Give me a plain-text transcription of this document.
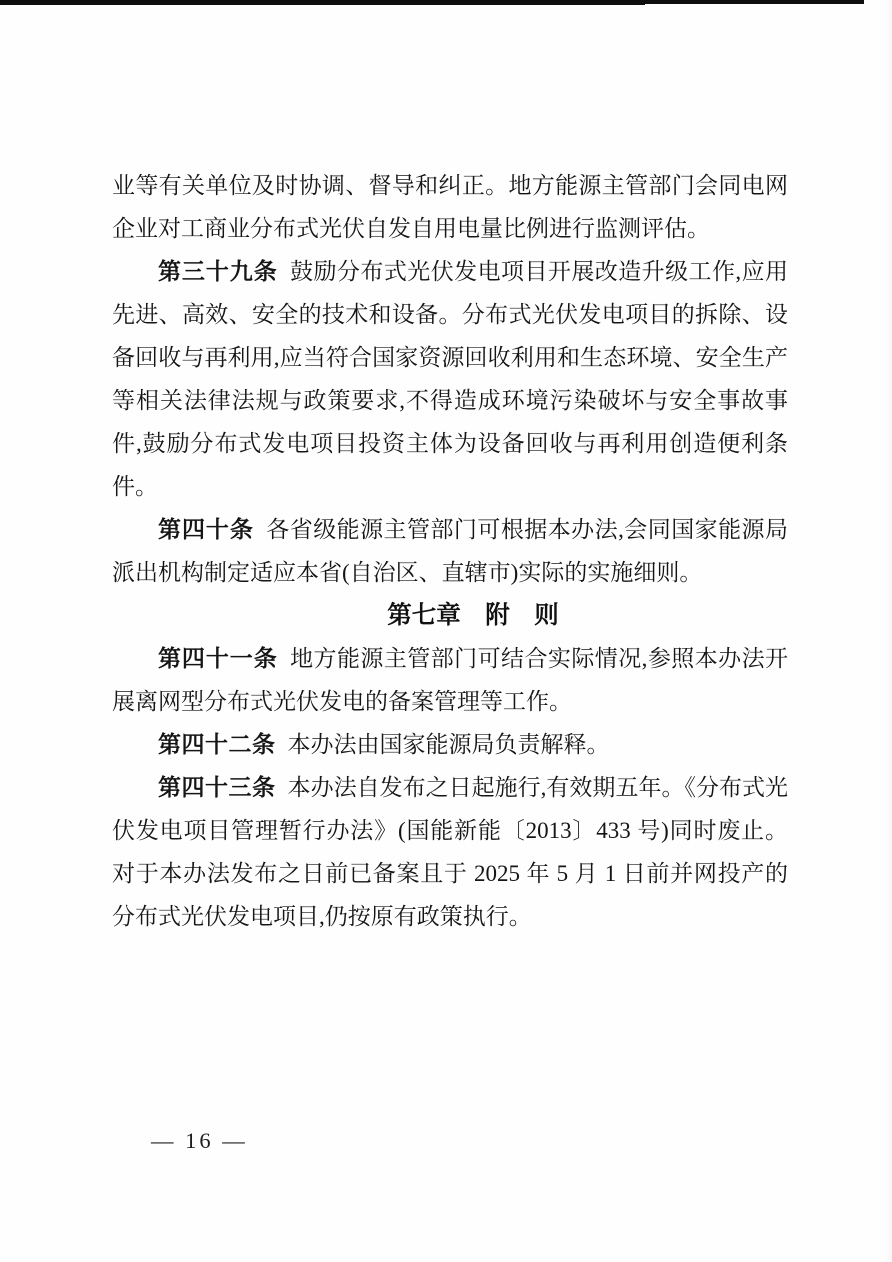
业等有关单位及时协调、督导和纠正。地方能源主管部门会同电网企业对工商业分布式光伏自发自用电量比例进行监测评估。

第三十九条 鼓励分布式光伏发电项目开展改造升级工作,应用先进、高效、安全的技术和设备。分布式光伏发电项目的拆除、设备回收与再利用,应当符合国家资源回收利用和生态环境、安全生产等相关法律法规与政策要求,不得造成环境污染破坏与安全事故事件,鼓励分布式发电项目投资主体为设备回收与再利用创造便利条件。

第四十条 各省级能源主管部门可根据本办法,会同国家能源局派出机构制定适应本省(自治区、直辖市)实际的实施细则。

第七章　附　则

第四十一条 地方能源主管部门可结合实际情况,参照本办法开展离网型分布式光伏发电的备案管理等工作。

第四十二条 本办法由国家能源局负责解释。

第四十三条 本办法自发布之日起施行,有效期五年。《分布式光伏发电项目管理暂行办法》(国能新能〔2013〕433 号)同时废止。对于本办法发布之日前已备案且于 2025 年 5 月 1 日前并网投产的分布式光伏发电项目,仍按原有政策执行。

— 16 —
